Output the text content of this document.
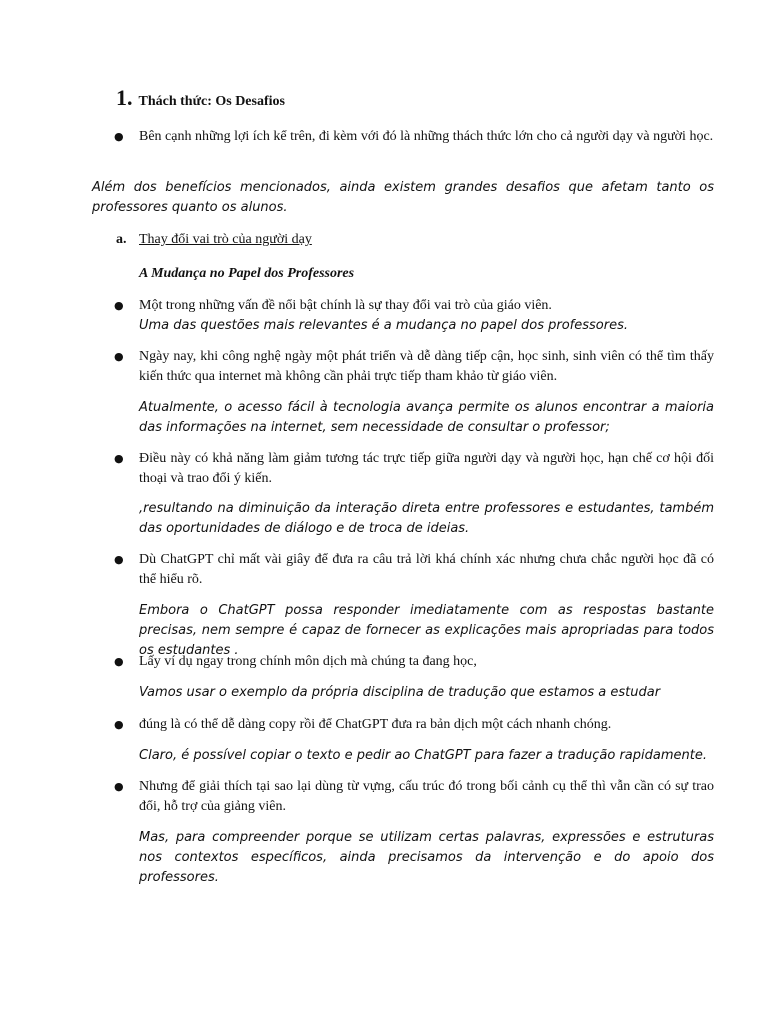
1. Thách thức: Os Desafios
● Bên cạnh những lợi ích kể trên, đi kèm với đó là những thách thức lớn cho cả người dạy và người học.
Além dos benefícios mencionados, ainda existem grandes desafios que afetam tanto os professores quanto os alunos.
a. Thay đổi vai trò của người dạy
A Mudança no Papel dos Professores
● Một trong những vấn đề nổi bật chính là sự thay đổi vai trò của giáo viên.
Uma das questões mais relevantes é a mudança no papel dos professores.
● Ngày nay, khi công nghệ ngày một phát triển và dễ dàng tiếp cận, học sinh, sinh viên có thể tìm thấy kiến thức qua internet mà không cần phải trực tiếp tham khảo từ giáo viên.
Atualmente, o acesso fácil à tecnologia avança permite os alunos encontrar a maioria das informações na internet, sem necessidade de consultar o professor;
● Điều này có khả năng làm giảm tương tác trực tiếp giữa người dạy và người học, hạn chế cơ hội đối thoại và trao đổi ý kiến.
,resultando na diminuição da interação direta entre professores e estudantes, também das oportunidades de diálogo e de troca de ideias.
● Dù ChatGPT chỉ mất vài giây để đưa ra câu trả lời khá chính xác nhưng chưa chắc người học đã có thể hiểu rõ.
Embora o ChatGPT possa responder imediatamente com as respostas bastante precisas, nem sempre é capaz de fornecer as explicações mais apropriadas para todos os estudantes .
● Lấy ví dụ ngay trong chính môn dịch mà chúng ta đang học,
Vamos usar o exemplo da própria disciplina de tradução que estamos a estudar
● đúng là có thể dễ dàng copy rồi để ChatGPT đưa ra bản dịch một cách nhanh chóng.
Claro, é possível copiar o texto e pedir ao ChatGPT para fazer a tradução rapidamente.
● Nhưng để giải thích tại sao lại dùng từ vựng, cấu trúc đó trong bối cảnh cụ thể thì vẫn cần có sự trao đổi, hỗ trợ của giảng viên.
Mas, para compreender porque se utilizam certas palavras, expressões e estruturas nos contextos específicos, ainda precisamos da intervenção e do apoio dos professores.
